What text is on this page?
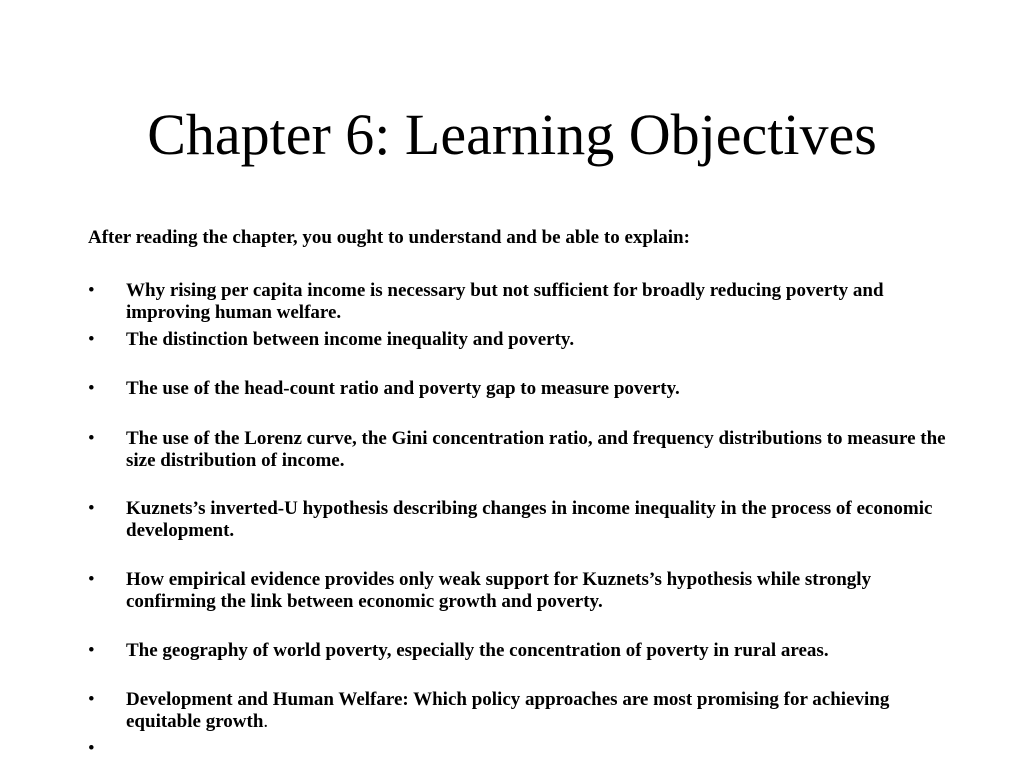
Chapter 6: Learning Objectives

After reading the chapter, you ought to understand and be able to explain:

•	Why rising per capita income is necessary but not sufficient for broadly reducing poverty and improving human welfare.
•	The distinction between income inequality and poverty.
•	The use of the head-count ratio and poverty gap to measure poverty.
•	The use of the Lorenz curve, the Gini concentration ratio, and frequency distributions to measure the size distribution of income.
•	Kuznets’s inverted-U hypothesis describing changes in income inequality in the process of economic development.
•	How empirical evidence provides only weak support for Kuznets’s hypothesis while strongly confirming the link between economic growth and poverty.
•	The geography of world poverty, especially the concentration of poverty in rural areas.
•	Development and Human Welfare: Which policy approaches are most promising for achieving equitable growth.
•
